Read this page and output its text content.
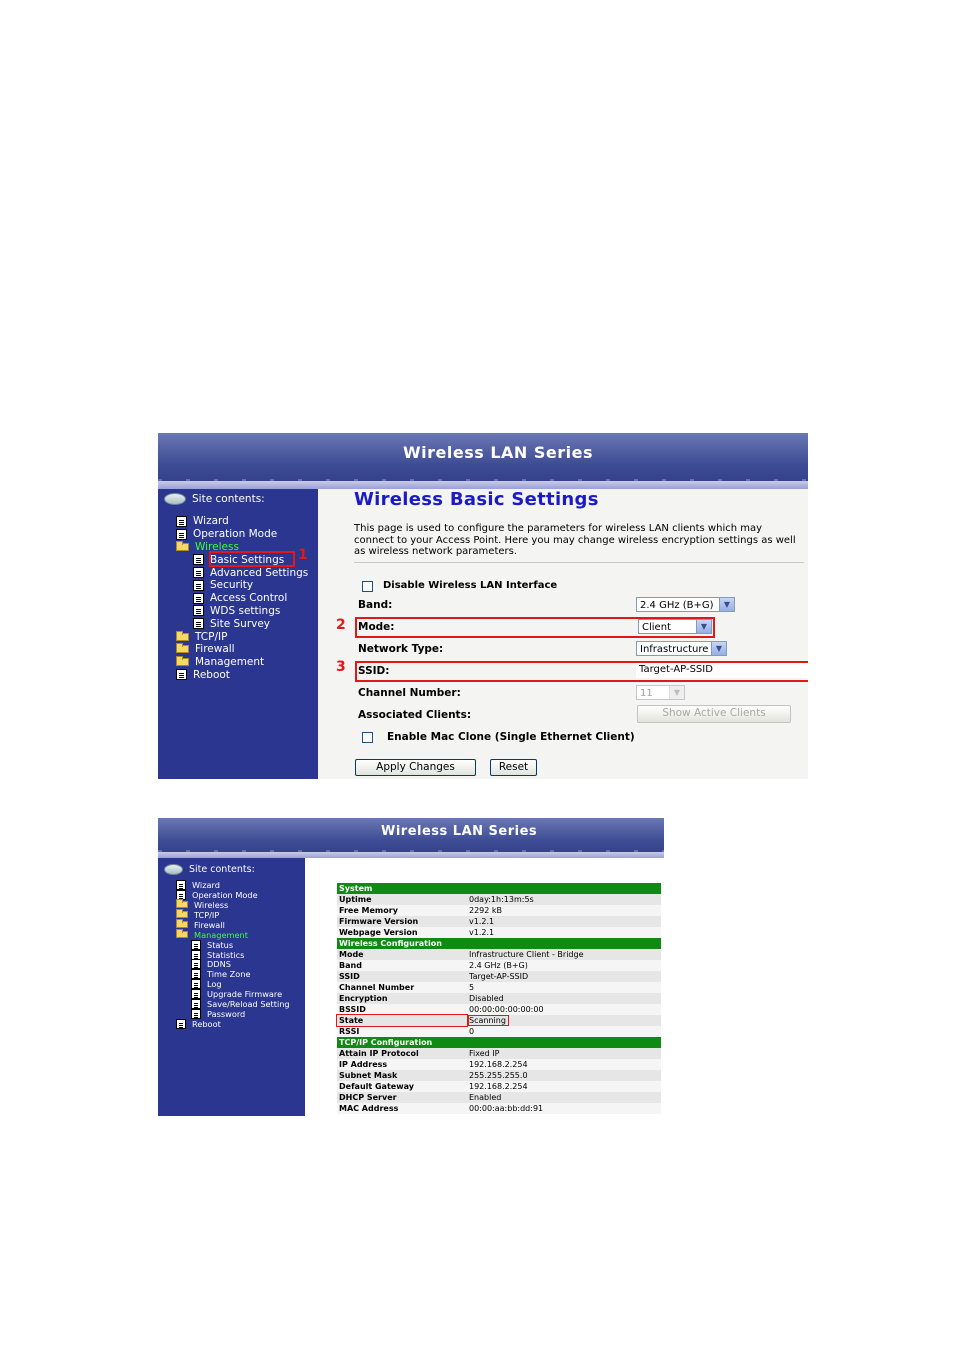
Wireless LAN Series
Site contents:
Wizard
Operation Mode
Wireless
Basic Settings
Advanced Settings
Security
Access Control
WDS settings
Site Survey
TCP/IP
Firewall
Management
Reboot
Wireless Basic Settings
This page is used to configure the parameters for wireless LAN clients which may connect to your Access Point. Here you may change wireless encryption settings as well as wireless network parameters.
Disable Wireless LAN Interface
Band:	2.4 GHz (B+G)	▼
Mode:	Client	▼
Network Type:	Infrastructure ▼
SSID:	Target-AP-SSID
Channel Number:	11	▼
Associated Clients:	Show Active Clients
Enable Mac Clone (Single Ethernet Client)
Apply Changes	Reset
2
3
1
Wireless LAN Series
Site contents:
Wizard
Operation Mode
Wireless
TCP/IP
Firewall
Management
Status
Statistics
DDNS
Time Zone
Log
Upgrade Firmware
Save/Reload Setting
Password
Reboot
System	
Uptime	0day:1h:13m:5s
Free Memory	2292 kB
Firmware Version	v1.2.1
Webpage Version	v1.2.1
Wireless Configuration	
Mode	Infrastructure Client - Bridge
Band	2.4 GHz (B+G)
SSID	Target-AP-SSID
Channel Number	5
Encryption	Disabled
BSSID	00:00:00:00:00:00
State	Scanning
RSSI	0
TCP/IP Configuration	
Attain IP Protocol	Fixed IP
IP Address	192.168.2.254
Subnet Mask	255.255.255.0
Default Gateway	192.168.2.254
DHCP Server	Enabled
MAC Address	00:00:aa:bb:dd:91
